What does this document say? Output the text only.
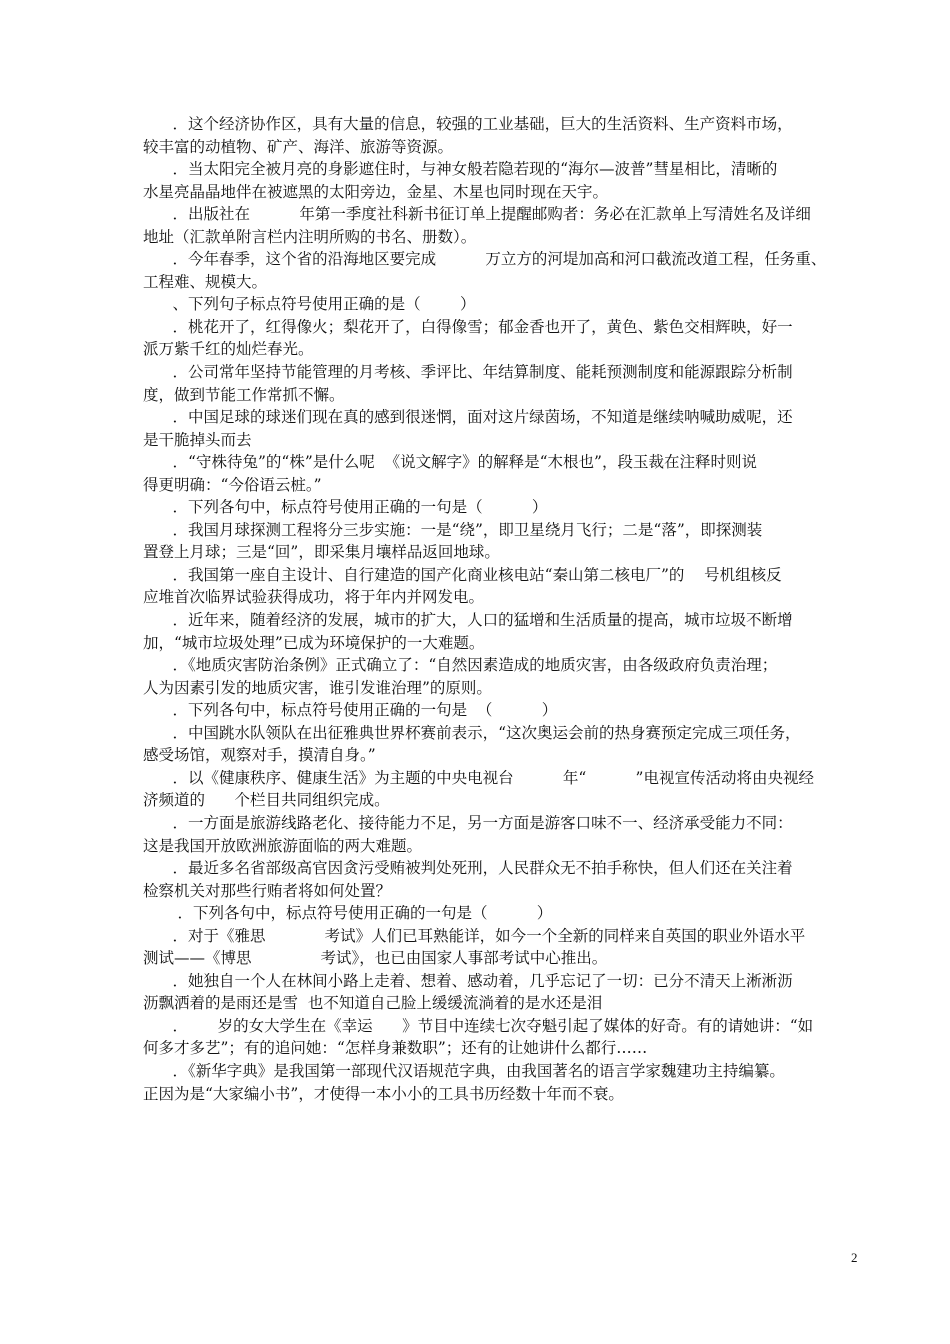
．这个经济协作区，具有大量的信息，较强的工业基础，巨大的生活资料、生产资料市场，
较丰富的动植物、矿产、海洋、旅游等资源。
．当太阳完全被月亮的身影遮住时，与神女般若隐若现的“海尔—波普”彗星相比，清晰的
水星亮晶晶地伴在被遮黑的太阳旁边，金星、木星也同时现在天宇。
．出版社在          年第一季度社科新书征订单上提醒邮购者：务必在汇款单上写清姓名及详细
地址（汇款单附言栏内注明所购的书名、册数）。
．今年春季，这个省的沿海地区要完成          万立方的河堤加高和河口截流改道工程，任务重、
工程难、规模大。
、下列句子标点符号使用正确的是（        ）
．桃花开了，红得像火；梨花开了，白得像雪；郁金香也开了，黄色、紫色交相辉映，好一
派万紫千红的灿烂春光。
．公司常年坚持节能管理的月考核、季评比、年结算制度、能耗预测制度和能源跟踪分析制
度，做到节能工作常抓不懈。
．中国足球的球迷们现在真的感到很迷惘，面对这片绿茵场，不知道是继续呐喊助威呢，还
是干脆掉头而去
．“守株待兔”的“株”是什么呢  《说文解字》的解释是“木根也”，段玉裁在注释时则说
得更明确：“今俗语云桩。”
．下列各句中，标点符号使用正确的一句是（          ）
．我国月球探测工程将分三步实施：一是“绕”，即卫星绕月飞行；二是“落”，即探测装
置登上月球；三是“回”，即采集月壤样品返回地球。
．我国第一座自主设计、自行建造的国产化商业核电站“秦山第二核电厂”的    号机组核反
应堆首次临界试验获得成功，将于年内并网发电。
．近年来，随着经济的发展，城市的扩大，人口的猛增和生活质量的提高，城市垃圾不断增
加，“城市垃圾处理”已成为环境保护的一大难题。
．《地质灾害防治条例》正式确立了：“自然因素造成的地质灾害，由各级政府负责治理；
人为因素引发的地质灾害，谁引发谁治理”的原则。
．下列各句中，标点符号使用正确的一句是  （          ）
．中国跳水队领队在出征雅典世界杯赛前表示，“这次奥运会前的热身赛预定完成三项任务，
感受场馆，观察对手，摸清自身。”
．以《健康秩序、健康生活》为主题的中央电视台          年“          ”电视宣传活动将由央视经
济频道的      个栏目共同组织完成。
．一方面是旅游线路老化、接待能力不足，另一方面是游客口味不一、经济承受能力不同：
这是我国开放欧洲旅游面临的两大难题。
．最近多名省部级高官因贪污受贿被判处死刑，人民群众无不拍手称快，但人们还在关注着
检察机关对那些行贿者将如何处置？
．下列各句中，标点符号使用正确的一句是（          ）
．对于《雅思            考试》人们已耳熟能详，如今一个全新的同样来自英国的职业外语水平
测试——《博思              考试》，也已由国家人事部考试中心推出。
．她独自一个人在林间小路上走着、想着、感动着，几乎忘记了一切：已分不清天上淅淅沥
沥飘洒着的是雨还是雪  也不知道自己脸上缓缓流淌着的是水还是泪
．      岁的女大学生在《幸运      》节目中连续七次夺魁引起了媒体的好奇。有的请她讲：“如
何多才多艺”；有的追问她：“怎样身兼数职”；还有的让她讲什么都行……
．《新华字典》是我国第一部现代汉语规范字典，由我国著名的语言学家魏建功主持编纂。
正因为是“大家编小书”，才使得一本小小的工具书历经数十年而不衰。
2
